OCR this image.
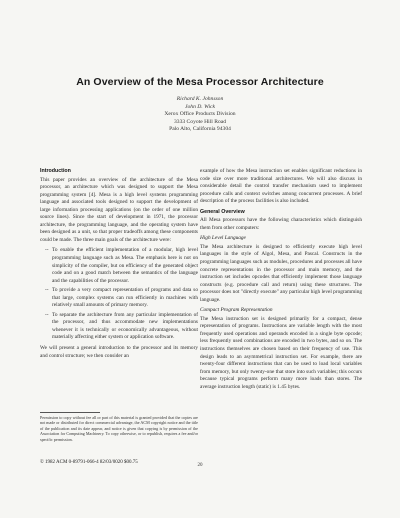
An Overview of the Mesa Processor Architecture
Richard K. Johnsson
John D. Wick
Xerox Office Products Division
3333 Coyote Hill Road
Palo Alto, California 94304
Introduction

This paper provides an overview of the architecture of the Mesa processor, an architecture which was designed to support the Mesa programming system [4]. Mesa is a high level systems programming language and associated tools designed to support the development of large information processing applications (on the order of one million source lines). Since the start of development in 1971, the processor architecture, the programming language, and the operating system have been designed as a unit, so that proper tradeoffs among these components could be made. The three main goals of the architecture were:

-- To enable the efficient implementation of a modular, high level programming language such as Mesa. The emphasis here is not on simplicity of the compiler, but on efficiency of the generated object code and on a good match between the semantics of the language and the capabilities of the processor.
-- To provide a very compact representation of programs and data so that large, complex systems can run efficiently in machines with relatively small amounts of primary memory.
-- To separate the architecture from any particular implementation of the processor, and thus accommodate new implementations whenever it is technically or economically advantageous, without materially affecting either system or application software.

We will present a general introduction to the processor and its memory and control structure; we then consider an

example of how the Mesa instruction set enables significant reductions in code size over more traditional architectures. We will also discuss in considerable detail the control transfer mechanism used to implement procedure calls and context switches among concurrent processes. A brief description of the process facilities is also included.

General Overview

All Mesa processors have the following characteristics which distinguish them from other computers:

High Level Language

The Mesa architecture is designed to efficiently execute high level languages in the style of Algol, Mesa, and Pascal. Constructs in the programming languages such as modules, procedures and processes all have concrete representations in the processor and main memory, and the instruction set includes opcodes that efficiently implement those language constructs (e.g. procedure call and return) using these structures. The processor does not "directly execute" any particular high level programming language.

Compact Program Representation

The Mesa instruction set is designed primarily for a compact, dense representation of programs. Instructions are variable length with the most frequently used operations and operands encoded in a single byte opcode; less frequently used combinations are encoded in two bytes, and so on. The instructions themselves are chosen based on their frequency of use. This design leads to an asymmetrical instruction set. For example, there are twenty-four different instructions that can be used to load local variables from memory, but only twenty-one that store into such variables; this occurs because typical programs perform many more loads than stores. The average instruction length (static) is 1.45 bytes.

Permission to copy without fee all or part of this material is granted provided that the copies are not made or distributed for direct commercial advantage, the ACM copyright notice and the title of the publication and its date appear, and notice is given that copying is by permission of the Association for Computing Machinery. To copy otherwise, or to republish, requires a fee and/or specific permission.
© 1982 ACM 0-89791-066-4 82/03/0020 $00.75
20
